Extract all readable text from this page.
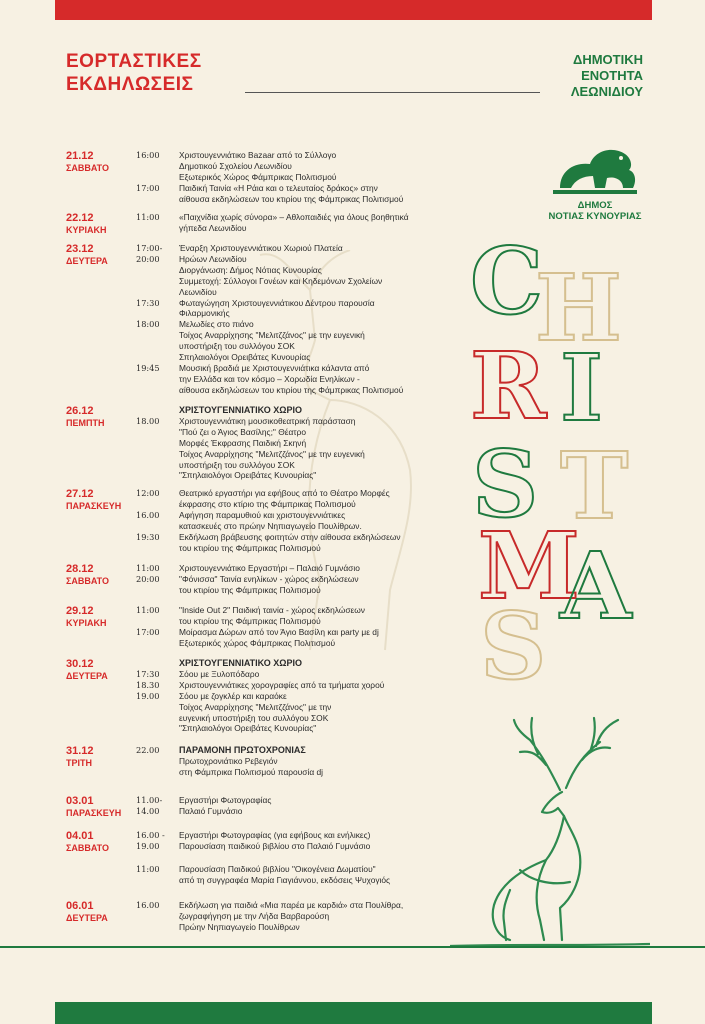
ΕΟΡΤΑΣΤΙΚΕΣ
ΕΚΔΗΛΩΣΕΙΣ
ΔΗΜΟΤΙΚΗ
ΕΝΟΤΗΤΑ
ΛΕΩΝΙΔΙΟΥ
ΔΗΜΟΣ
ΝΟΤΙΑΣ ΚΥΝΟΥΡΙΑΣ
21.12
ΣΑΒΒΑΤΟ
16:00	Χριστουγεννιάτικο Bazaar από το Σύλλογο
Δημοτικού Σχολείου Λεωνιδίου
Εξωτερικός Χώρος Φάμπρικας Πολιτισμού
17:00	Παιδική Ταινία «Η Ράια και ο τελευταίος δράκος» στην
αίθουσα εκδηλώσεων του κτιρίου της Φάμπρικας Πολιτισμού
22.12
ΚΥΡΙΑΚΗ
11:00	«Παιχνίδια χωρίς σύνορα» – Αθλοπαιδιές για όλους βοηθητικά
γήπεδα Λεωνιδίου
23.12
ΔΕΥΤΕΡΑ
17:00-	Έναρξη Χριστουγεννιάτικου Χωριού Πλατεία
20:00	Ηρώων Λεωνιδίου
Διοργάνωση: Δήμος Νότιας Κυνουρίας
Συμμετοχή: Σύλλογοι Γονέων και Κηδεμόνων Σχολείων
Λεωνιδίου
17:30	Φωταγώγηση Χριστουγεννιάτικου Δέντρου παρουσία
Φιλαρμονικής
18:00	Μελωδίες στο πιάνο
Τοίχος Αναρρίχησης "Μελιτζζάνος" με την ευγενική
υποστήριξη του συλλόγου ΣΟΚ
Σπηλαιολόγοι Ορειβάτες Κυνουρίας
19:45	Μουσική βραδιά με Χριστουγεννιάτικα κάλαντα από
την Ελλάδα και τον κόσμο – Χορωδία Ενηλίκων -
αίθουσα εκδηλώσεων του κτιρίου της Φάμπρικας Πολιτισμού
26.12
ΠΕΜΠΤΗ
ΧΡΙΣΤΟΥΓΕΝΝΙΑΤΙΚΟ ΧΩΡΙΟ
18.00	Χριστουγεννιάτικη μουσικοθεατρική παράσταση
"Πού ζει ο Άγιος Βασίλης;" Θέατρο
Μορφές Έκφρασης Παιδική Σκηνή
Τοίχος Αναρρίχησης "Μελιτζζάνος" με την ευγενική
υποστήριξη του συλλόγου ΣΟΚ
"Σπηλαιολόγοι Ορειβάτες Κυνουρίας"
27.12
ΠΑΡΑΣΚΕΥΗ
12:00	Θεατρικό εργαστήρι για εφήβους από το Θέατρο Μορφές
έκφρασης στο κτίριο της Φάμπρικας Πολιτισμού
16.00	Αφήγηση παραμυθιού και χριστουγεννιάτικες
κατασκευές στο πρώην Νηπιαγωγείο Πουλίθρων.
19:30	Εκδήλωση βράβευσης φοιτητών στην αίθουσα εκδηλώσεων
του κτιρίου της Φάμπρικας Πολιτισμού
28.12
ΣΑΒΒΑΤΟ
11:00	Χριστουγεννιάτικο Εργαστήρι – Παλαιό Γυμνάσιο
20:00	"Φόνισσα" Ταινία ενηλίκων - χώρος εκδηλώσεων
του κτιρίου της Φάμπρικας Πολιτισμού
29.12
ΚΥΡΙΑΚΗ
11:00	"Inside Out 2" Παιδική ταινία - χώρος εκδηλώσεων
του κτιρίου της Φάμπρικας Πολιτισμού
17:00	Μοίρασμα Δώρων από τον Άγιο Βασίλη και party με dj
Εξωτερικός χώρος Φάμπρικας Πολιτισμού
30.12
ΔΕΥΤΕΡΑ
ΧΡΙΣΤΟΥΓΕΝΝΙΑΤΙΚΟ ΧΩΡΙΟ
17:30	Σόου με Ξυλοπόδαρο
18.30	Χριστουγεννιάτικες χορογραφίες από τα τμήματα χορού
19.00	Σόου με ζογκλέρ και καραόκε
Τοίχος Αναρρίχησης "Μελιτζζάνος" με την
ευγενική υποστήριξη του συλλόγου ΣΟΚ
"Σπηλαιολόγοι Ορειβάτες Κυνουρίας"
31.12
ΤΡΙΤΗ
22.00	ΠΑΡΑΜΟΝΗ ΠΡΩΤΟΧΡΟΝΙΑΣ
Πρωτοχρονιάτικο Ρεβεγιόν
στη Φάμπρικα Πολιτισμού παρουσία dj
03.01
ΠΑΡΑΣΚΕΥΗ
11.00-	Εργαστήρι Φωτογραφίας
14.00	Παλαιό Γυμνάσιο
04.01
ΣΑΒΒΑΤΟ
16.00 -	Εργαστήρι Φωτογραφίας (για εφήβους και ενήλικες)
19.00	Παρουσίαση παιδικού βιβλίου στο Παλαιό Γυμνάσιο
11:00	Παρουσίαση Παιδικού βιβλίου "Οικογένεια Δωματίου"
από τη συγγραφέα Μαρία Γιαγιάννου, εκδόσεις Ψυχογιός
06.01
ΔΕΥΤΕΡΑ
16.00	Εκδήλωση για παιδιά «Μια παρέα με καρδιά» στα Πουλίθρα,
ζωγραφήγηση με την Λήδα Βαρβαρούση
Πρώην Νηπιαγωγείο Πουλίθρων
C
H
R I
S T
M
A
S
